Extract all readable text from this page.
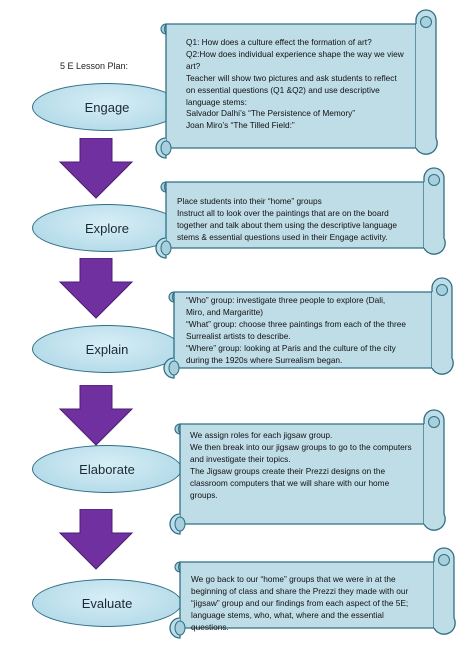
5 E Lesson Plan:
Engage
Explore
Explain
Elaborate
Evaluate
Q1: How does a culture effect the formation of art?
Q2:How does individual experience shape the way we view
art?
Teacher will show two pictures and ask students to reflect
on essential questions (Q1 &Q2) and use descriptive
language stems:
Salvador Dalhi’s “The Persistence of Memory”
Joan Miro’s “The Tilled Field:”
Place students into their “home” groups
Instruct all to look over the paintings that are on the board
together and talk about them using the descriptive language
stems & essential questions used in their Engage activity.
“Who” group: investigate three people to explore (Dali,
Miro, and Margaritte)
“What” group: choose three paintings from each of the three
Surrealist artists to describe.
“Where” group: looking at Paris and the culture of the city
during the 1920s where Surrealism began.
We assign roles for each jigsaw group.
We then break into our jigsaw groups to go to the computers
and investigate their topics.
The Jigsaw groups create their Prezzi designs on the
classroom computers that we will share with our home
groups.
We go back to our “home” groups that we were in at the
beginning of class and share the Prezzi they made with our
“jigsaw” group and our findings from each aspect of the 5E;
language stems, who, what, where and the essential
questions.
